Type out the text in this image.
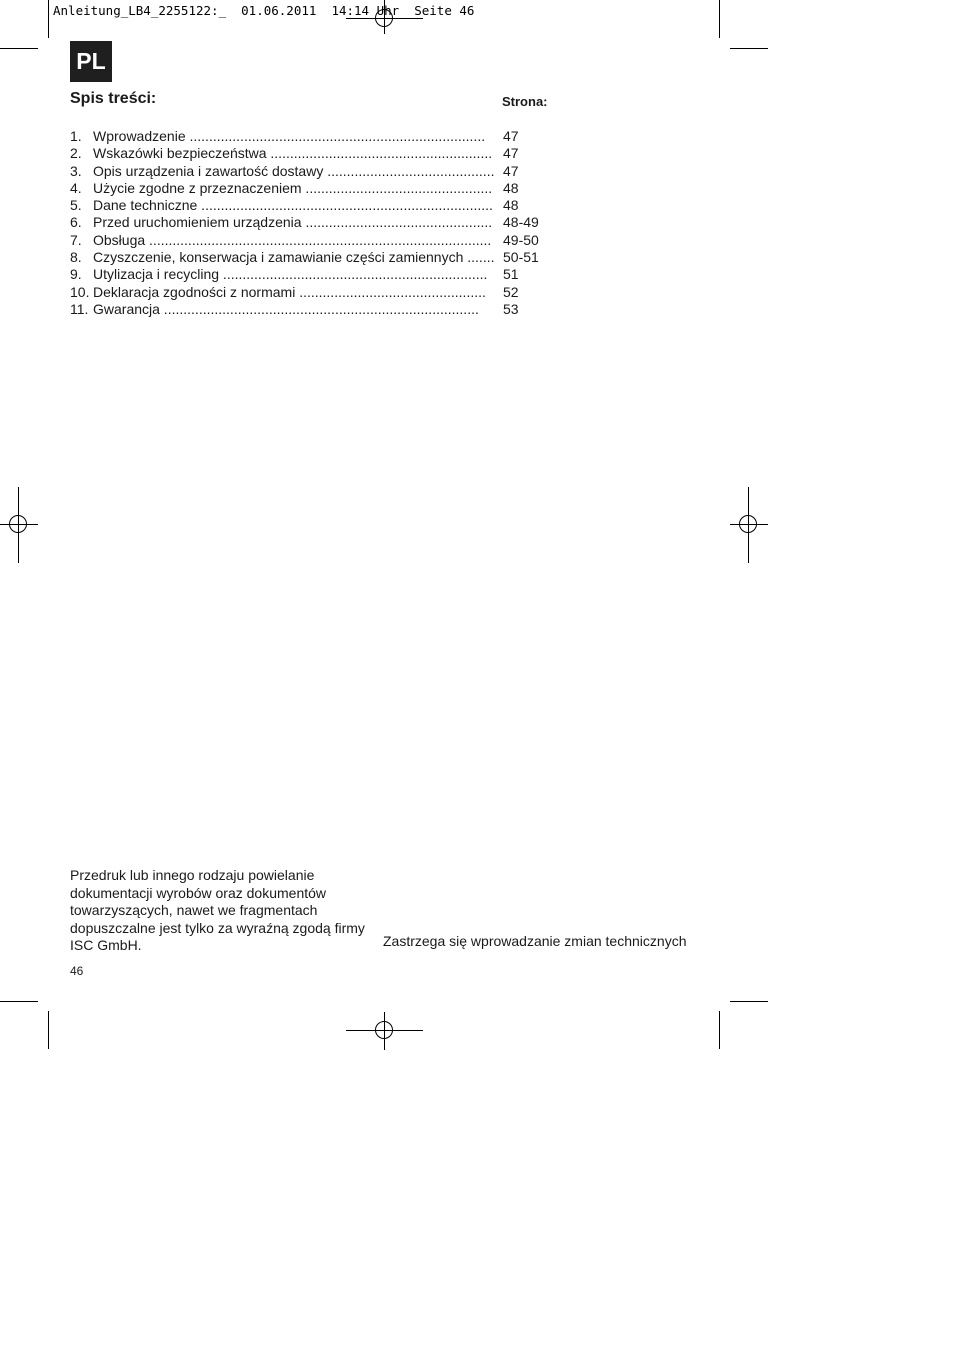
Anleitung_LB4_2255122:_  01.06.2011  14:14 Uhr  Seite 46
PL
Spis treści:	Strona:
1. Wprowadzenie ............................................................................ 47
2. Wskazówki bezpieczeństwa ......................................................... 47
3. Opis urządzenia i zawartość dostawy ........................................... 47
4. Użycie zgodne z przeznaczeniem ................................................ 48
5. Dane techniczne ........................................................................... 48
6. Przed uruchomieniem urządzenia ................................................ 48-49
7. Obsługa ........................................................................................ 49-50
8. Czyszczenie, konserwacja i zamawianie części zamiennych ....... 50-51
9. Utylizacja i recycling .................................................................... 51
10. Deklaracja zgodności z normami ................................................ 52
11. Gwarancja ................................................................................. 53

Przedruk lub innego rodzaju powielanie dokumentacji wyrobów oraz dokumentów towarzyszących, nawet we fragmentach dopuszczalne jest tylko za wyraźną zgodą firmy ISC GmbH.	Zastrzega się wprowadzanie zmian technicznych

46
